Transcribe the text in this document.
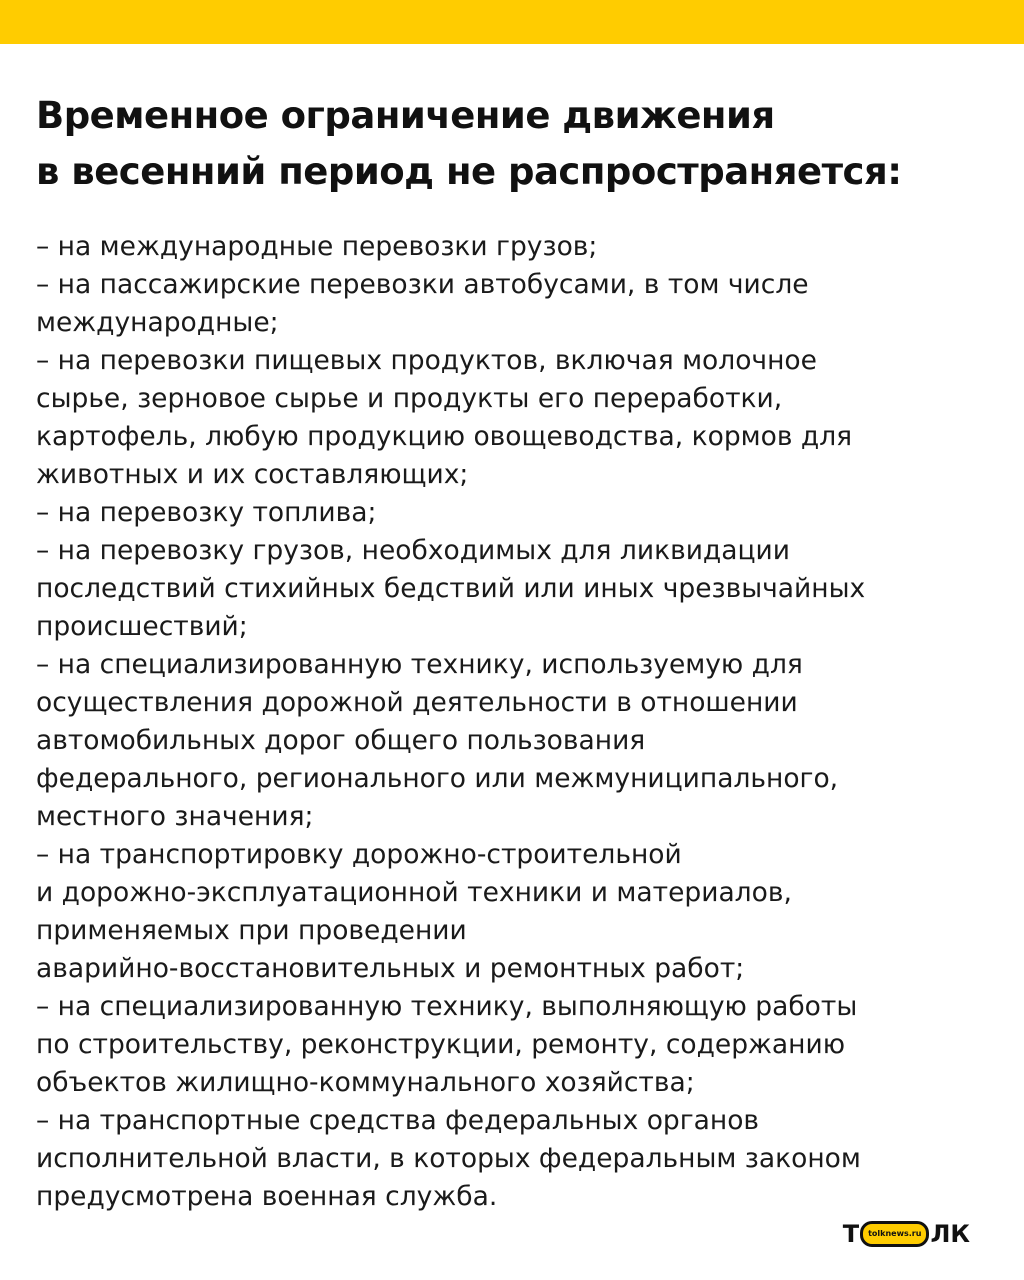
Временное ограничение движения
в весенний период не распространяется:
– на международные перевозки грузов;
– на пассажирские перевозки автобусами, в том числе
международные;
– на перевозки пищевых продуктов, включая молочное
сырье, зерновое сырье и продукты его переработки,
картофель, любую продукцию овощеводства, кормов для
животных и их составляющих;
– на перевозку топлива;
– на перевозку грузов, необходимых для ликвидации
последствий стихийных бедствий или иных чрезвычайных
происшествий;
– на специализированную технику, используемую для
осуществления дорожной деятельности в отношении
автомобильных дорог общего пользования
федерального, регионального или межмуниципального,
местного значения;
– на транспортировку дорожно-строительной
и дорожно-эксплуатационной техники и материалов,
применяемых при проведении
аварийно-восстановительных и ремонтных работ;
– на специализированную технику, выполняющую работы
по строительству, реконструкции, ремонту, содержанию
объектов жилищно-коммунального хозяйства;
– на транспортные средства федеральных органов
исполнительной власти, в которых федеральным законом
предусмотрена военная служба.
Т	tolknews.ru ЛК
